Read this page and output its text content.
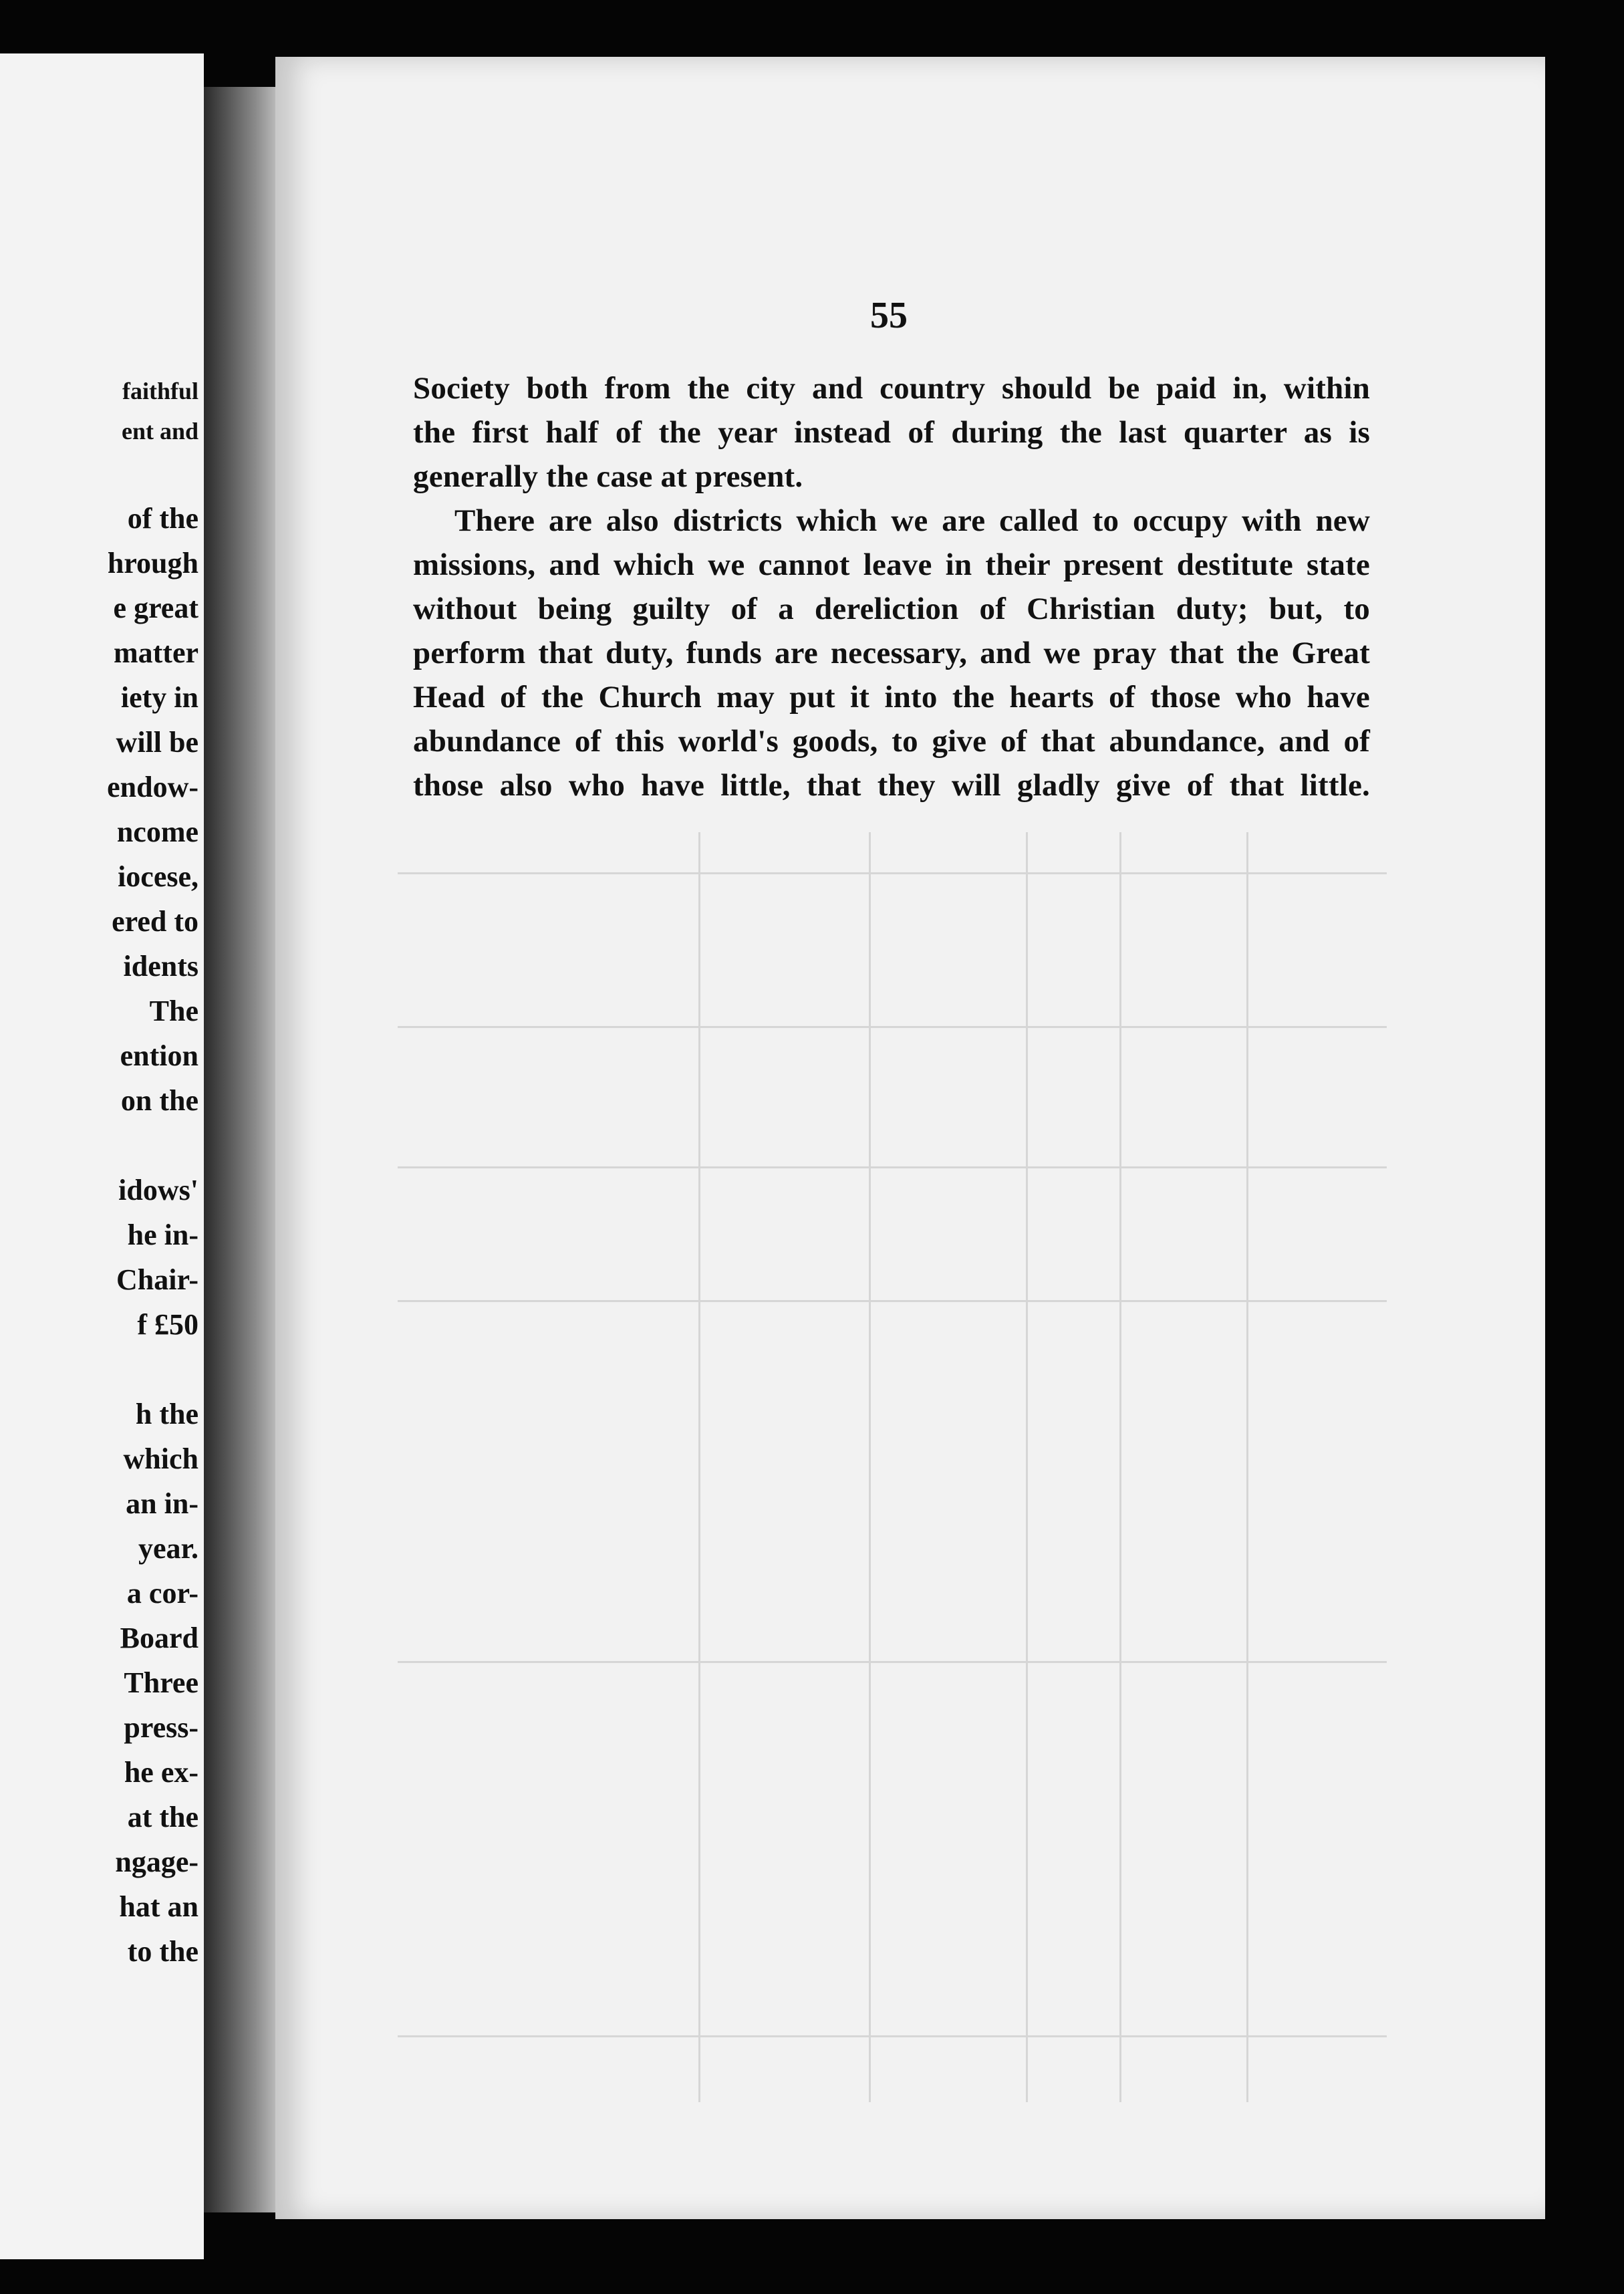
faithful
ent and
of the
hrough
e great
matter
iety in
will be
endow-
ncome
iocese,
ered to
idents
The
ention
on the
idows'
he in-
Chair-
f £50
h the
which
an in-
year.
a cor-
Board
Three
press-
he ex-
at the
ngage-
hat an
to the
55
Society both from the city and country should be paid in, within
the first half of the year instead of during the last quarter as is
generally the case at present.
There are also districts which we are called to occupy with new
missions, and which we cannot leave in their present destitute state
without being guilty of a dereliction of Christian duty; but, to
perform that duty, funds are necessary, and we pray that the Great
Head of the Church may put it into the hearts of those who have
abundance of this world's goods, to give of that abundance, and of
those also who have little, that they will gladly give of that little.
